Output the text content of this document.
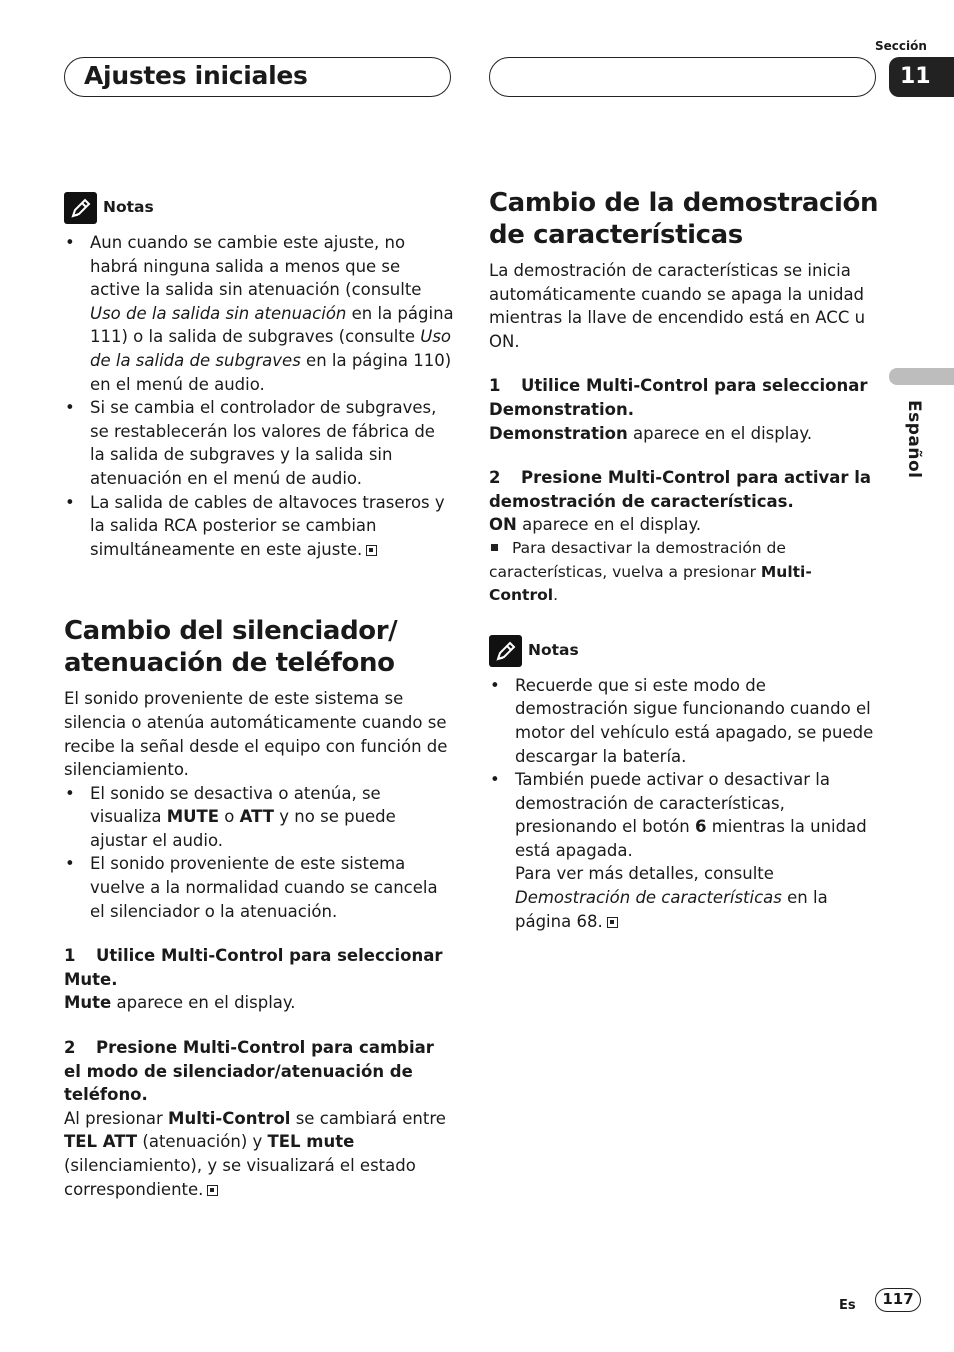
Ajustes iniciales
Sección
11
Español
Notas
• Aun cuando se cambie este ajuste, no habrá ninguna salida a menos que se active la salida sin atenuación (consulte Uso de la salida sin atenuación en la página 111) o la salida de subgraves (consulte Uso de la salida de subgraves en la página 110) en el menú de audio.
• Si se cambia el controlador de subgraves, se restablecerán los valores de fábrica de la salida de subgraves y la salida sin atenuación en el menú de audio.
• La salida de cables de altavoces traseros y la salida RCA posterior se cambian simultáneamente en este ajuste.
Cambio del silenciador/ atenuación de teléfono

El sonido proveniente de este sistema se silencia o atenúa automáticamente cuando se recibe la señal desde el equipo con función de silenciamiento.

• El sonido se desactiva o atenúa, se visualiza MUTE o ATT y no se puede ajustar el audio.
• El sonido proveniente de este sistema vuelve a la normalidad cuando se cancela el silenciador o la atenuación.

1 Utilice Multi-Control para seleccionar Mute.

Mute aparece en el display.

2 Presione Multi-Control para cambiar el modo de silenciador/atenuación de teléfono.

Al presionar Multi-Control se cambiará entre TEL ATT (atenuación) y TEL mute (silenciamiento), y se visualizará el estado correspondiente.

Cambio de la demostración de características

La demostración de características se inicia automáticamente cuando se apaga la unidad mientras la llave de encendido está en ACC u ON.

1 Utilice Multi-Control para seleccionar Demonstration.

Demonstration aparece en el display.

2 Presione Multi-Control para activar la demostración de características.

ON aparece en el display.

Para desactivar la demostración de características, vuelva a presionar Multi-Control.

Notas
• Recuerde que si este modo de demostración sigue funcionando cuando el motor del vehículo está apagado, se puede descargar la batería.
• También puede activar o desactivar la demostración de características, presionando el botón 6 mientras la unidad está apagada.
Para ver más detalles, consulte Demostración de características en la página 68.
Es	117
